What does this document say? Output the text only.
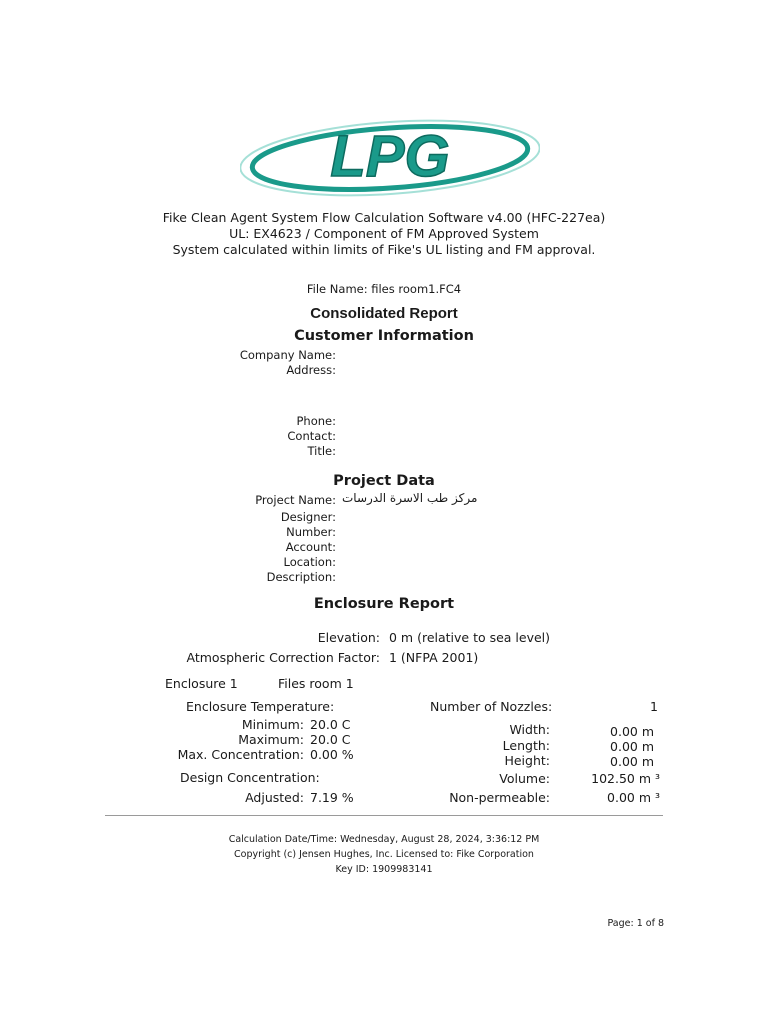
LPG
Fike Clean Agent System Flow Calculation Software v4.00 (HFC-227ea)
UL: EX4623 / Component of FM Approved System
System calculated within limits of Fike's UL listing and FM approval.
File Name: files room1.FC4
Consolidated Report
Customer Information
Company Name:
Address:
Phone:
Contact:
Title:
Project Data
Project Name: مركز طب الاسرة الدرسات
Designer:
Number:
Account:
Location:
Description:
Enclosure Report
Elevation: 0 m (relative to sea level)
Atmospheric Correction Factor: 1 (NFPA 2001)
Enclosure 1	Files room 1
Enclosure Temperature:
Minimum: 20.0 C
Maximum: 20.0 C
Max. Concentration: 0.00 %
Design Concentration:
Adjusted: 7.19 %
Number of Nozzles:	1
Width:	0.00 m
Length:	0.00 m
Height:	0.00 m
Volume:	102.50 m ³
Non-permeable:	0.00 m ³
Calculation Date/Time: Wednesday, August 28, 2024, 3:36:12 PM
Copyright (c) Jensen Hughes, Inc. Licensed to: Fike Corporation
Key ID: 1909983141
Page: 1 of 8
